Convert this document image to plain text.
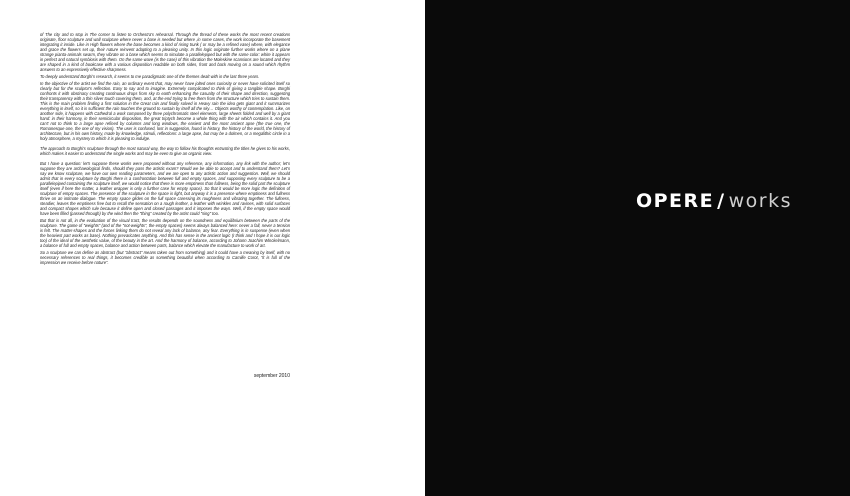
of The city and to stop in The corner to listen to Orchestra's rehearsal. Through the thread of these works the most recent creations originate, floor sculpture and wall sculpture where never a base is needed but where ,in some cases, the work incorporate the basement integrating it inside. Like in High flowers where the base becomes a kind of rising trunk ( or may be a refined vase) where, with elegance and grace the flowers set up, their nature reinvent adapting to a pleasing unity. In this logic originate further works where on a plane strange pianta-animals swarm, they vibrate on a base which seems to simulate a parallelepiped but with the same color: white it appears in perfect and natural symbiosis with them. On the same wave (is the case) of this vibration the Moleskine scansions are located and they are shaped in a kind of bookcase with a various disposition readable on both sides, front and back moving on a sound which rhythm answers to an expressively effective sharpness.

To deeply understand Borghi's research, it seems to me paradigmatic one of the themes dealt with in the last three years.

In the objective of the artist we find the rain, an ordinary event that, may never have jolted ones curiosity or never have solicited itself so clearly but for the sculptor's reflection. Easy to say and to imagine. Extremely complicated to think of giving a tangible shape. Borghi confronts it with obstinacy creating continuous drops from sky to earth enhancing the casualty of their shape and direction, suggesting their transparency with a thin silver touch covering them, and, at the end trying to free them from the structure which tries to sustain them. This is the main problem finding a first solution in the Great rain and finally solved in Heavy rain the idea gets giant and it summarizes everything in itself, so it is sufficient the rain touches the ground to sustain by itself all the sky… Objects worthy of contemplation. Like, on another side, it happens with Cathedral a work composed by three polychromatic steel elements, large sheets folded and well by a giant hand: in their harmony, in their semicircular disposition, the great triptych become a whole thing with the air which contains it. And you can't not to think to a large apse refined by columns and long windows, the easiest and the most ancient apse (the true one, the Romanesque one, the one of my vision). The user is confused, lost in suggestion, found in history, the history of the world, the history of architecture, but in his own history, made by knowledge, stimuli, reflections: a large apse, but may be a dolmen, or a megalithic circle in a holy atmosphere, a mystery to which it is pleasing to indulge.

The approach to Borghi's sculpture through the most natural way, the way to follow his thoughts entrusting the titles he gives to his works, which makes it easier to understand the single works and may be even to give an organic view.

But I have a question: let's suppose these works were proposed without any reference, any information, any link with the author; let's suppose they are archaeological finds, should they pass the artistic exam? Would we be able to accept and to understand them? Let's say we know sculpture, we have our own reading parameters, and we are open to any artistic action and suggestion. Well, we should admit that in every sculpture by Borghi there is a confrontation between full and empty spaces, and supposing every sculpture to be a parallelepiped containing the sculpture itself, we would notice that there is more emptiness than fullness, being the solid part the sculpture itself (even if here the matter, a leather wrapper is only a further case for empty space). So that it would be more logic the definition of sculpture of empty spaces. The presence of the sculpture in the space is light, but anyway it is a presence where emptiness and fullness thrive on an intimate dialogue. The empty space glides on the full space caressing its roughness and vibrating together. The fullness, steadier, leaves the emptiness free but to recall the sensation on a rough leather, a leather with wrinkles and ravines, with solid surfaces and compact shapes which rule because it define open and closed passages and it imposes the ways. Well, if the empty space would have been filled (passed through) by the wind then the "thing" created by the artist could "sing" too.

But that is not all, in the evaluation of the visual tract, the results depends on the soundness and equilibrium between the parts of the sculpture. The game of "weights" (and of the "not-weights", the empty spaces) seems always balanced here: never a fall, never a tension is felt. The matter-shapes and the forces linking them do not reveal any lack of balance, any fear. Everything is in suspense (even when the heaviest part works as base). Nothing prevaricates anything. And this has sense in the ancient logic (I think and I hope it is our logic too) of the ideal of the aesthetic value, of the beauty in the art. And the harmony of balance, according to Johann Joachim Winckelmann, a balance of full and empty spaces, balance and action between parts, balance which elevate the manufacture to work of art.

So a sculpture we can define as abstract (but "abstract" means taken out from something) and it could have a meaning by itself, with no necessary references to real things, it becomes credible as something beautiful when according to Camille Corot, "it is full of the impression we receive before nature".

september 2010
OPERE / works
